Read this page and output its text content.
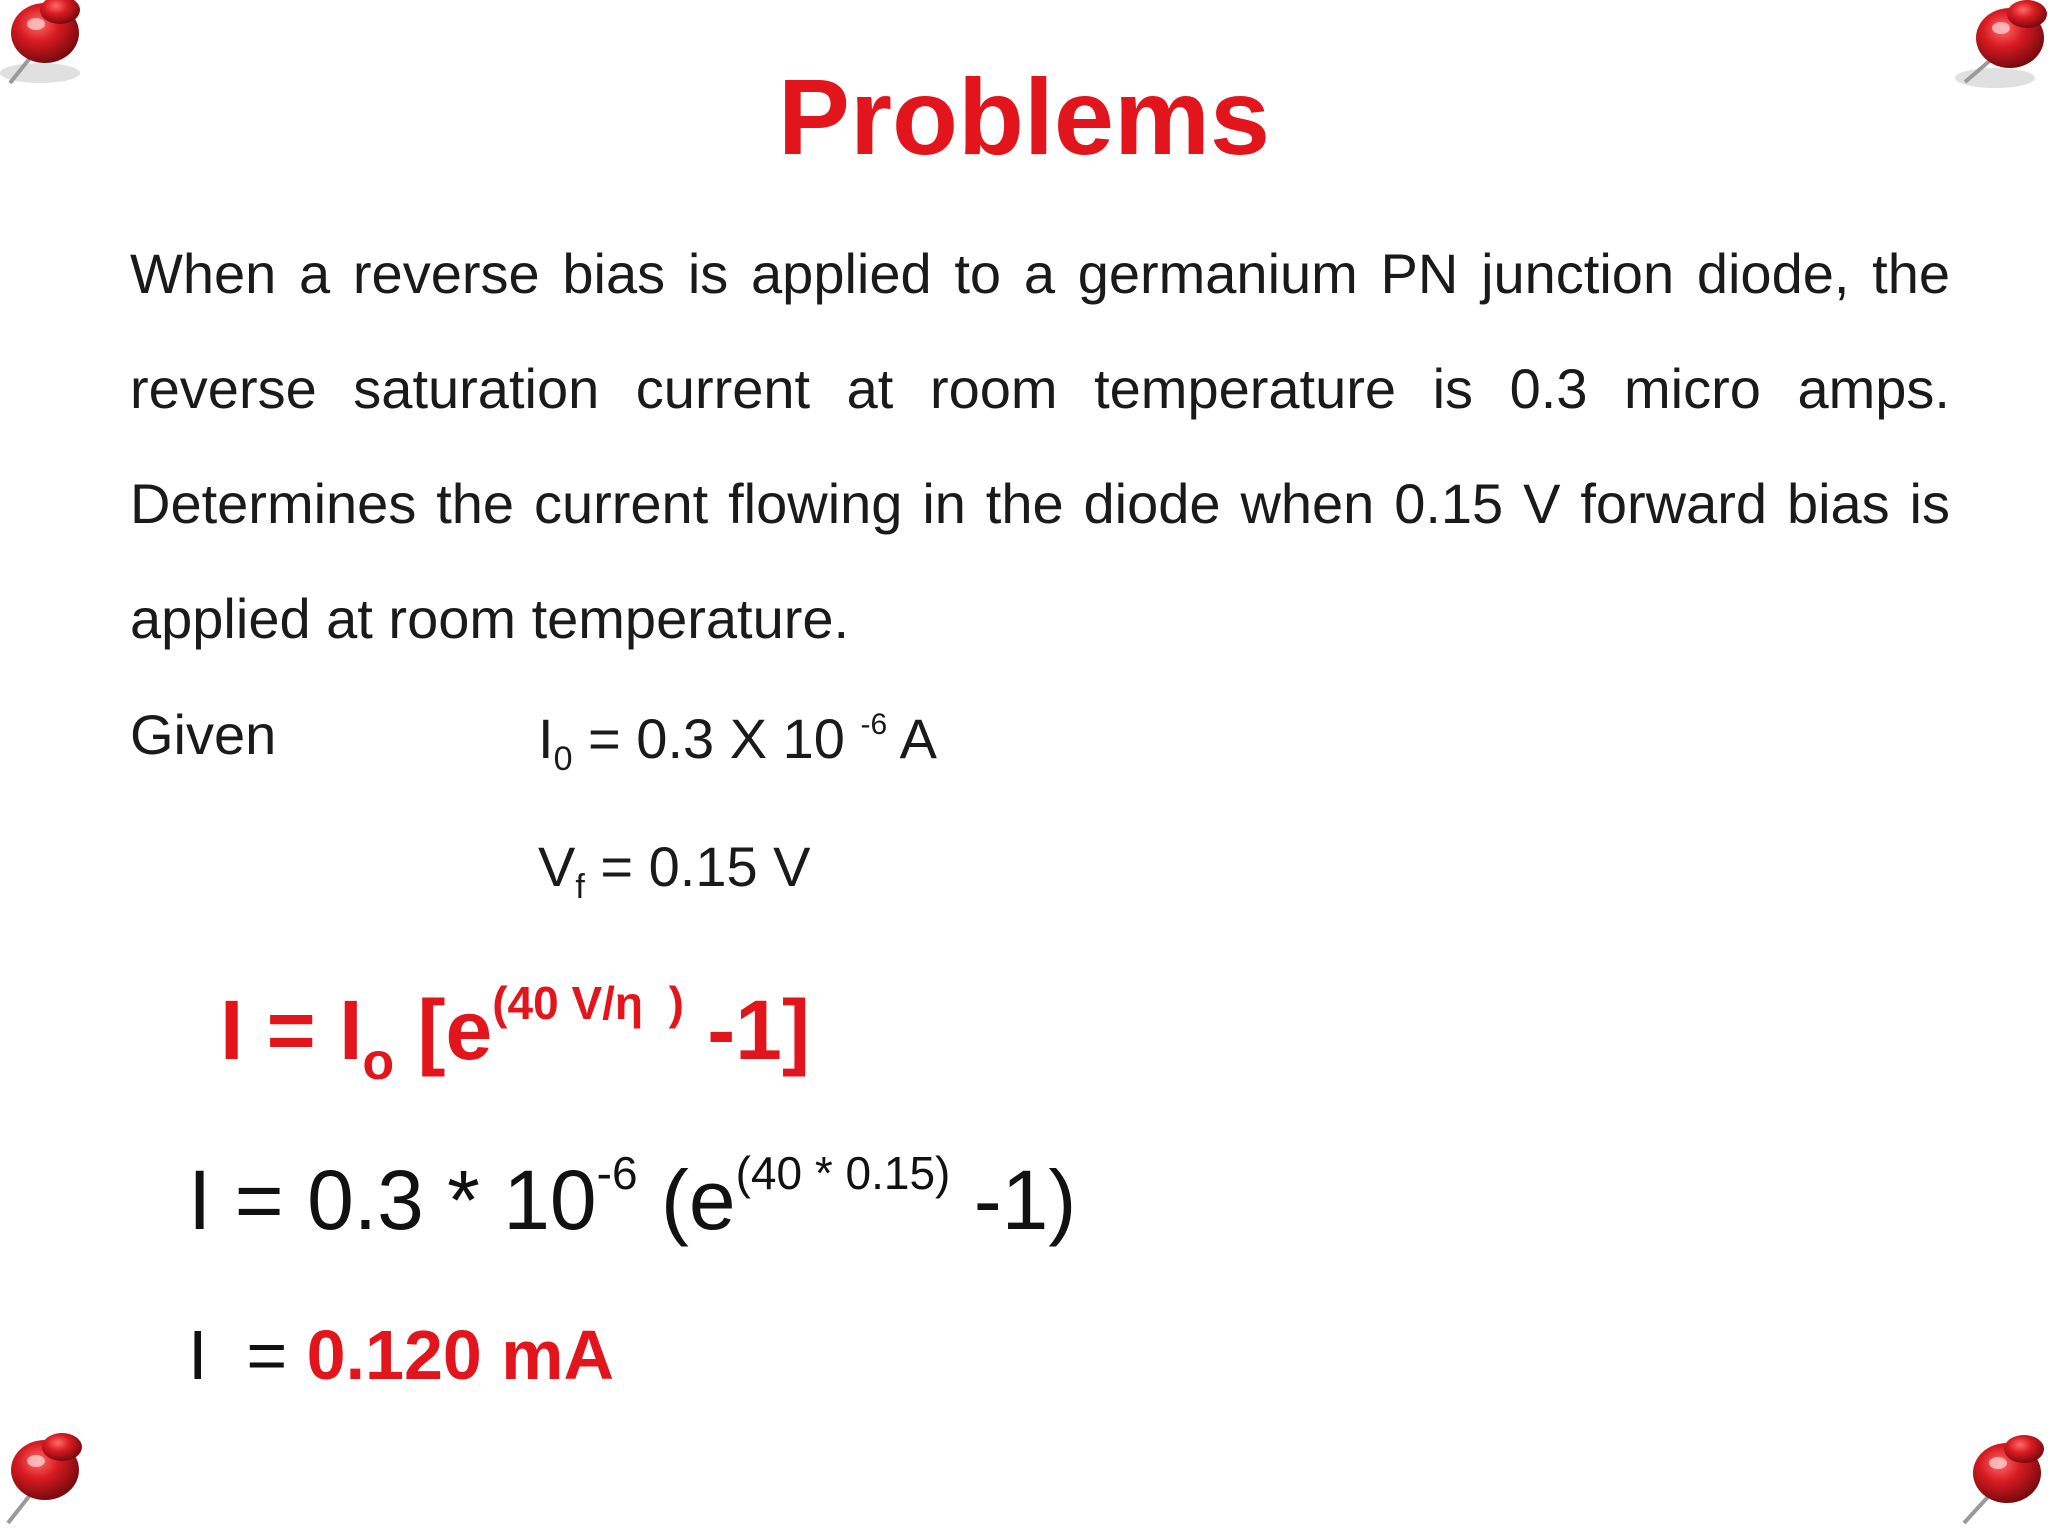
Problems

When a reverse bias is applied to a germanium PN junction diode, the reverse saturation current at room temperature is 0.3 micro amps. Determines the current flowing in the diode when 0.15 V forward bias is applied at room temperature.

Given	$I_0 = 0.3$ X 10 $^{-6}$ A
$V_f = 0.15$ V
$I = I_o$ [$e^{(40 V/\eta )}$ -1]
$I = 0.3 * 10^{-6}$ ($e^{(40 * 0.15)}$ -1)
I  = 0.120 mA
